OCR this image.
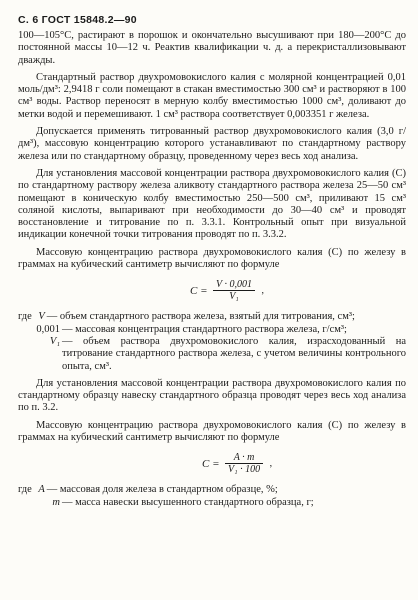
С. 6 ГОСТ 15848.2—90

100—105°С, растирают в порошок и окончательно высушивают при 180—200°С до постоянной массы 10—12 ч. Реактив квалификации ч. д. а перекристаллизовывают дважды.

Стандартный раствор двухромовокислого калия с молярной концентрацией 0,01 моль/дм³: 2,9418 г соли помещают в стакан вместимостью 300 см³ и растворяют в 100 см³ воды. Раствор переносят в мерную колбу вместимостью 1000 см³, доливают до метки водой и перемешивают. 1 см³ раствора соответствует 0,003351 г железа.

Допускается применять титрованный раствор двухромовокислого калия (3,0 г/дм³), массовую концентрацию которого устанавливают по стандартному раствору железа или по стандартному образцу, проведенному через весь ход анализа.

Для установления массовой концентрации раствора двухромовокислого калия (С) по стандартному раствору железа аликвоту стандартного раствора железа 25—50 см³ помещают в коническую колбу вместимостью 250—500 см³, приливают 15 см³ соляной кислоты, выпаривают при необходимости до 30—40 см³ и проводят восстановление и титрование по п. 3.3.1. Контрольный опыт при визуальной индикации конечной точки титрования проводят по п. 3.3.2.

Массовую концентрацию раствора двухромовокислого калия (С) по железу в граммах на кубический сантиметр вычисляют по формуле

$C = \frac{V \cdot 0,001}{\text{V₁}}$ ,
где V — объем стандартного раствора железа, взятый для титрования, см³;
0,001 — массовая концентрация стандартного раствора железа, г/см³;
V₁ — объем раствора двухромовокислого калия, израсходованный на титрование стандартного раствора железа, с учетом величины контрольного опыта, см³.

Для установления массовой концентрации раствора двухромовокислого калия по стандартному образцу навеску стандартного образца проводят через весь ход анализа по п. 3.2.

Массовую концентрацию раствора двухромовокислого калия (С) по железу в граммах на кубический сантиметр вычисляют по формуле

$C = \frac{A \cdot m}{\text{V₁ · 100}}$ ,
где A — массовая доля железа в стандартном образце, %;
m — масса навески высушенного стандартного образца, г;
